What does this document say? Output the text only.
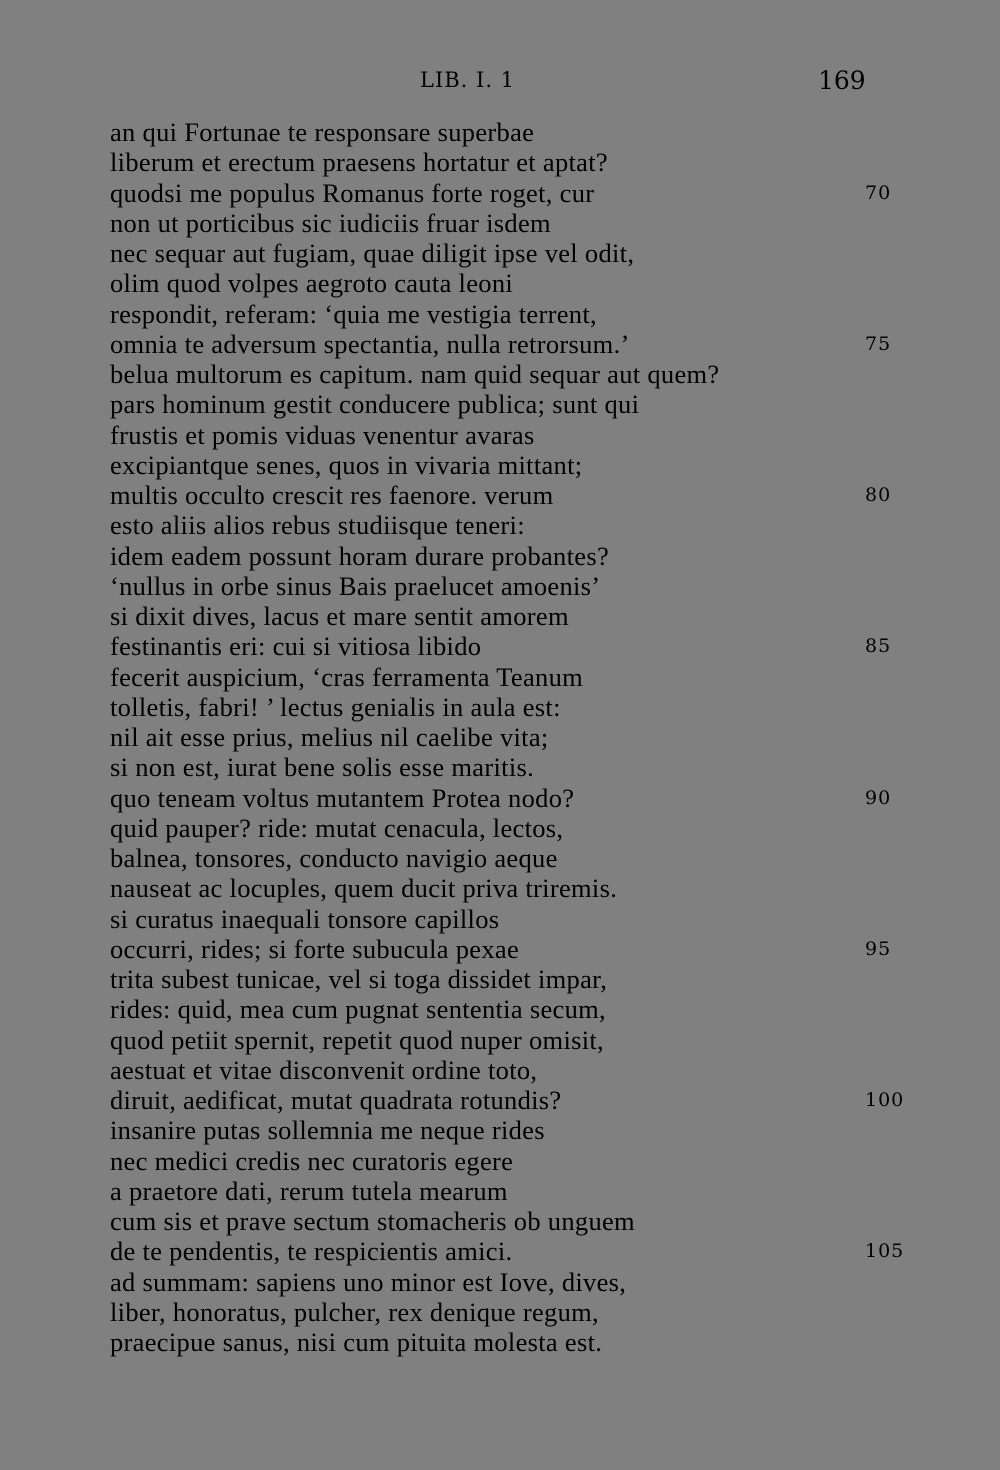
LIB. I. 1	169
an qui Fortunae te responsare superbae
liberum et erectum praesens hortatur et aptat?
quodsi me populus Romanus forte roget, cur	70
non ut porticibus sic iudiciis fruar isdem
nec sequar aut fugiam, quae diligit ipse vel odit,
olim quod volpes aegroto cauta leoni
respondit, referam: ‘quia me vestigia terrent,
omnia te adversum spectantia, nulla retrorsum.’	75
belua multorum es capitum. nam quid sequar aut quem?
pars hominum gestit conducere publica; sunt qui
frustis et pomis viduas venentur avaras
excipiantque senes, quos in vivaria mittant;
multis occulto crescit res faenore. verum	80
esto aliis alios rebus studiisque teneri:
idem eadem possunt horam durare probantes?
‘nullus in orbe sinus Bais praelucet amoenis’
si dixit dives, lacus et mare sentit amorem
festinantis eri: cui si vitiosa libido	85
fecerit auspicium, ‘cras ferramenta Teanum
tolletis, fabri! ’ lectus genialis in aula est:
nil ait esse prius, melius nil caelibe vita;
si non est, iurat bene solis esse maritis.
quo teneam voltus mutantem Protea nodo?	90
quid pauper? ride: mutat cenacula, lectos,
balnea, tonsores, conducto navigio aeque
nauseat ac locuples, quem ducit priva triremis.
si curatus inaequali tonsore capillos
occurri, rides; si forte subucula pexae	95
trita subest tunicae, vel si toga dissidet impar,
rides: quid, mea cum pugnat sententia secum,
quod petiit spernit, repetit quod nuper omisit,
aestuat et vitae disconvenit ordine toto,
diruit, aedificat, mutat quadrata rotundis?	100
insanire putas sollemnia me neque rides
nec medici credis nec curatoris egere
a praetore dati, rerum tutela mearum
cum sis et prave sectum stomacheris ob unguem
de te pendentis, te respicientis amici.	105
ad summam: sapiens uno minor est Iove, dives,
liber, honoratus, pulcher, rex denique regum,
praecipue sanus, nisi cum pituita molesta est.
